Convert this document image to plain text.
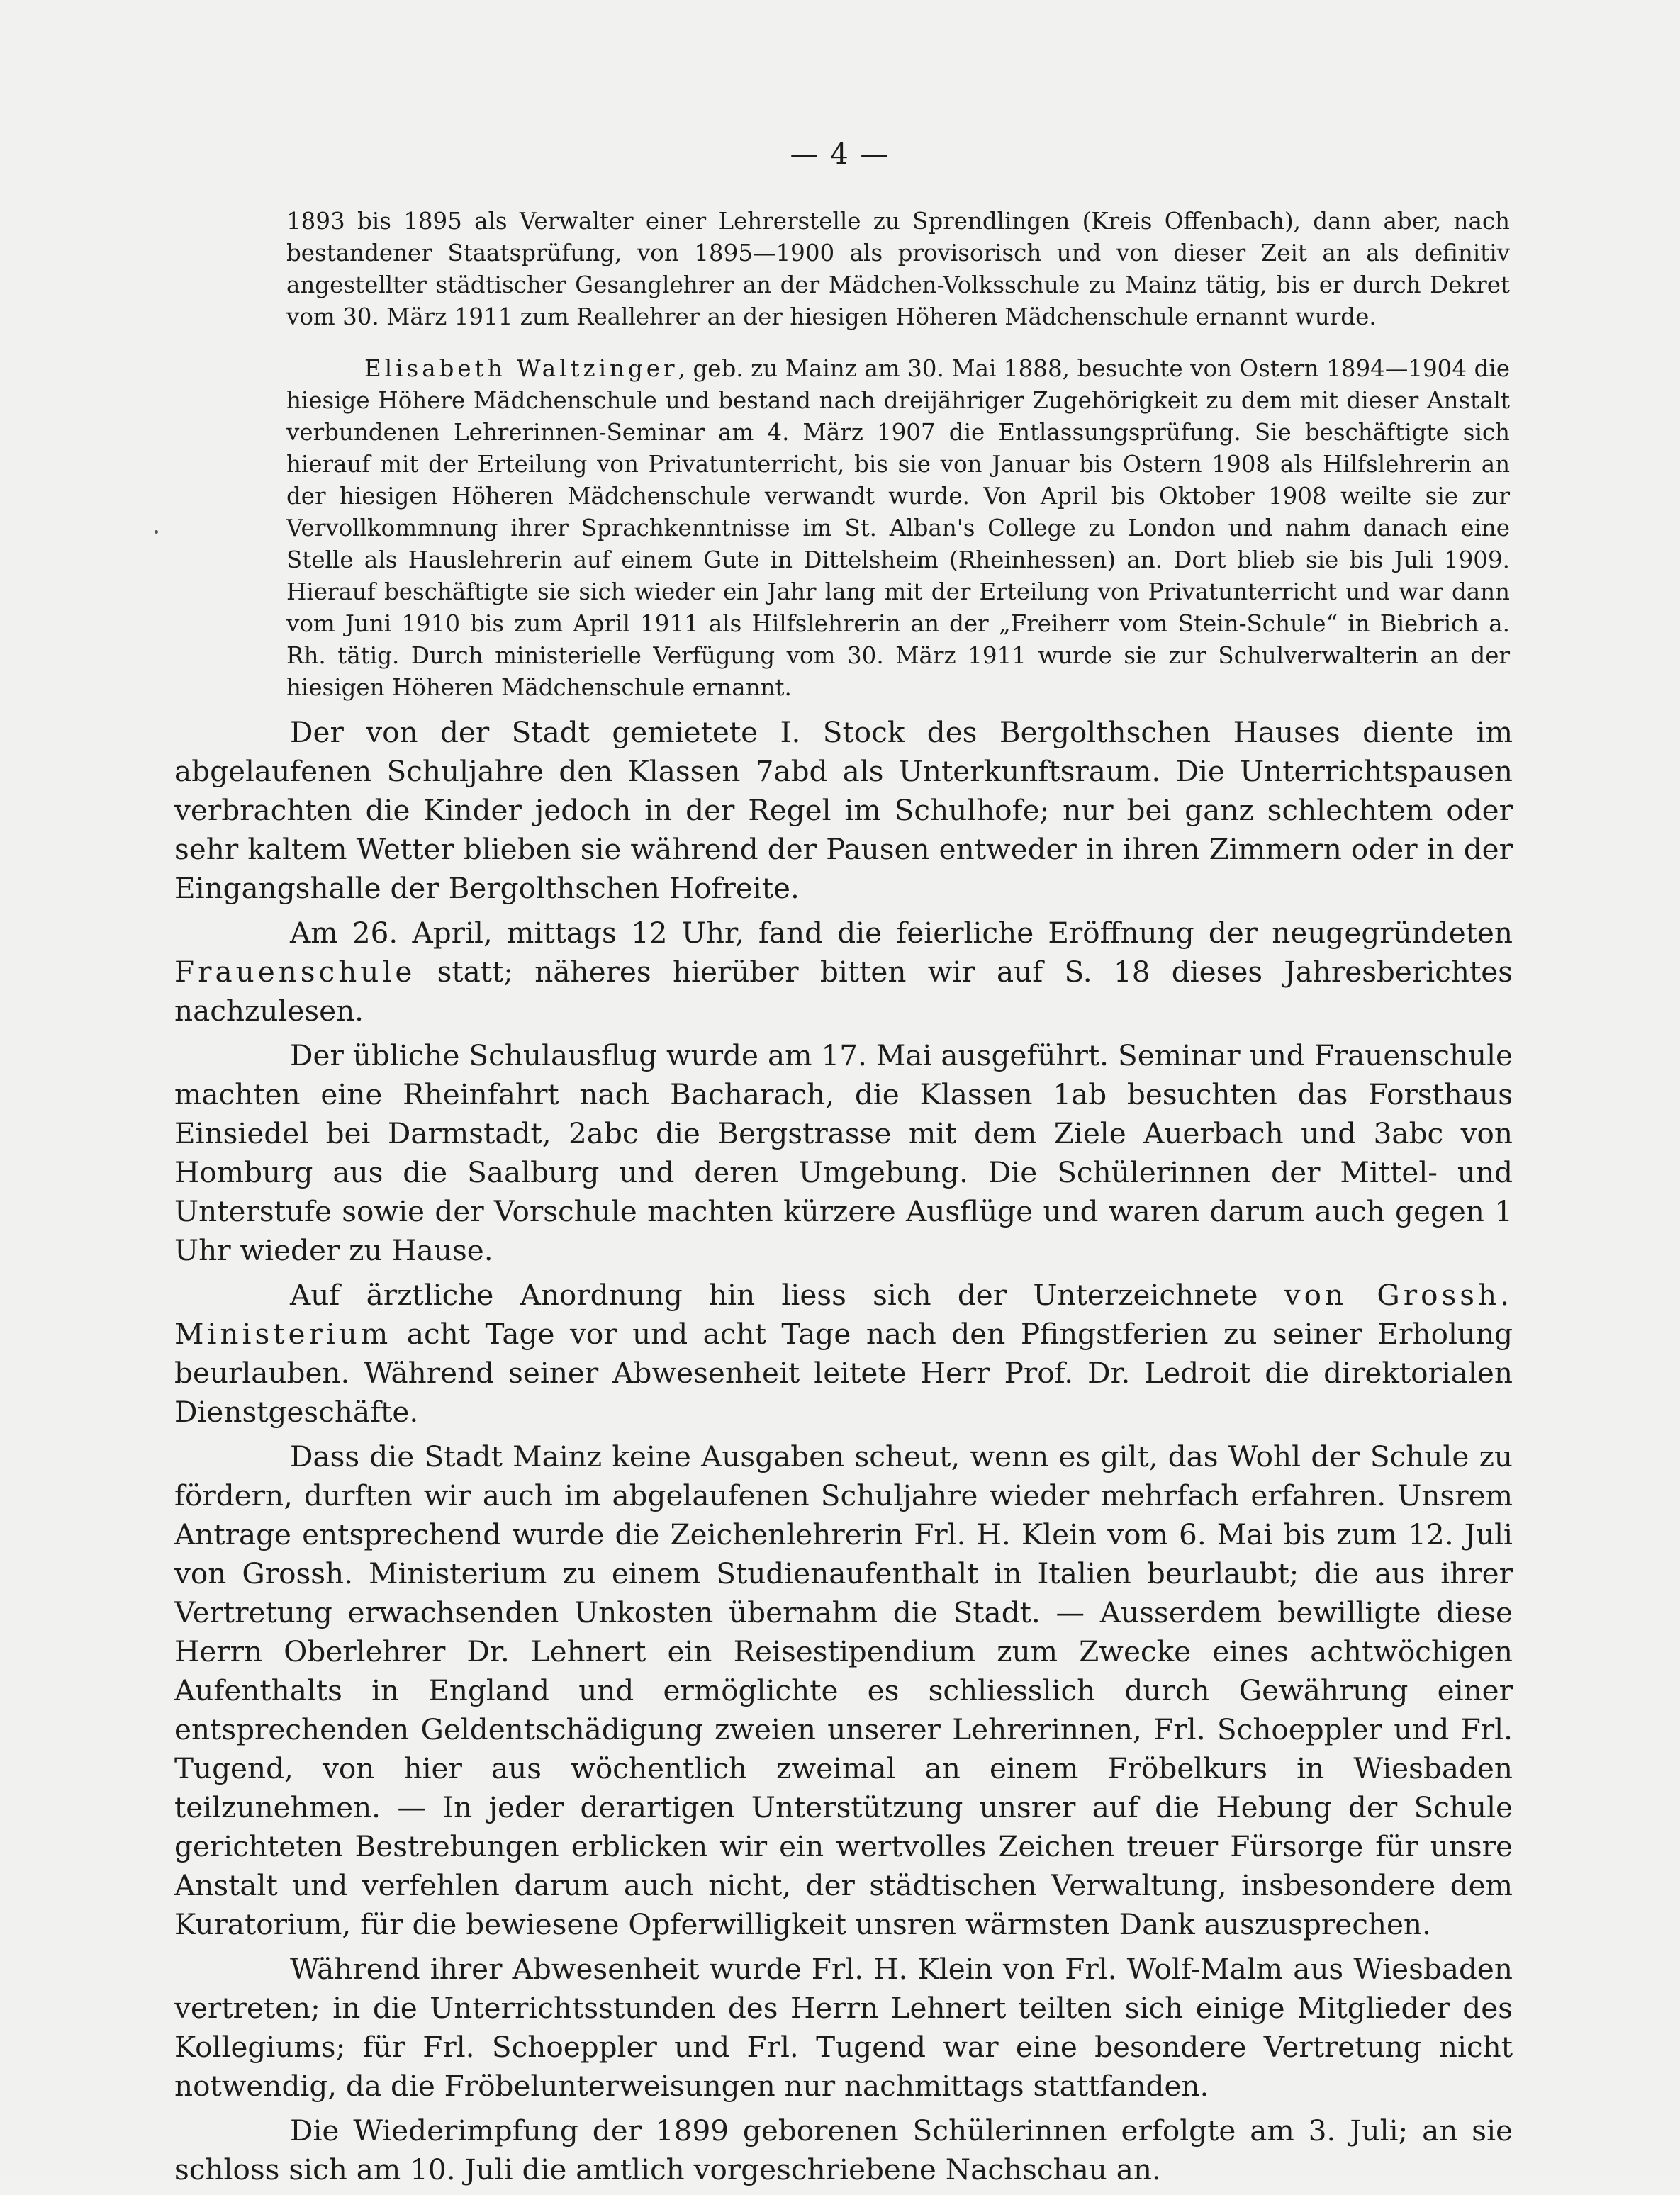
— 4 —

1893 bis 1895 als Verwalter einer Lehrerstelle zu Sprendlingen (Kreis Offenbach), dann aber, nach bestandener Staatsprüfung, von 1895—1900 als provisorisch und von dieser Zeit an als definitiv angestellter städtischer Gesanglehrer an der Mädchen-Volksschule zu Mainz tätig, bis er durch Dekret vom 30. März 1911 zum Reallehrer an der hiesigen Höheren Mädchenschule ernannt wurde.

Elisabeth Waltzinger, geb. zu Mainz am 30. Mai 1888, besuchte von Ostern 1894—1904 die hiesige Höhere Mädchenschule und bestand nach dreijähriger Zugehörigkeit zu dem mit dieser Anstalt verbundenen Lehrerinnen-Seminar am 4. März 1907 die Entlassungsprüfung. Sie beschäftigte sich hierauf mit der Erteilung von Privatunterricht, bis sie von Januar bis Ostern 1908 als Hilfslehrerin an der hiesigen Höheren Mädchenschule verwandt wurde. Von April bis Oktober 1908 weilte sie zur Vervollkommnung ihrer Sprachkenntnisse im St. Alban's College zu London und nahm danach eine Stelle als Hauslehrerin auf einem Gute in Dittelsheim (Rheinhessen) an. Dort blieb sie bis Juli 1909. Hierauf beschäftigte sie sich wieder ein Jahr lang mit der Erteilung von Privatunterricht und war dann vom Juni 1910 bis zum April 1911 als Hilfslehrerin an der „Freiherr vom Stein-Schule“ in Biebrich a. Rh. tätig. Durch ministerielle Verfügung vom 30. März 1911 wurde sie zur Schulverwalterin an der hiesigen Höheren Mädchenschule ernannt.

Der von der Stadt gemietete I. Stock des Bergolthschen Hauses diente im abgelaufenen Schuljahre den Klassen 7abd als Unterkunftsraum. Die Unterrichtspausen verbrachten die Kinder jedoch in der Regel im Schulhofe; nur bei ganz schlechtem oder sehr kaltem Wetter blieben sie während der Pausen entweder in ihren Zimmern oder in der Eingangshalle der Bergolthschen Hofreite.

Am 26. April, mittags 12 Uhr, fand die feierliche Eröffnung der neugegründeten Frauenschule statt; näheres hierüber bitten wir auf S. 18 dieses Jahresberichtes nachzulesen.

Der übliche Schulausflug wurde am 17. Mai ausgeführt. Seminar und Frauenschule machten eine Rheinfahrt nach Bacharach, die Klassen 1ab besuchten das Forsthaus Einsiedel bei Darmstadt, 2abc die Bergstrasse mit dem Ziele Auerbach und 3abc von Homburg aus die Saalburg und deren Umgebung. Die Schülerinnen der Mittel- und Unterstufe sowie der Vorschule machten kürzere Ausflüge und waren darum auch gegen 1 Uhr wieder zu Hause.

Auf ärztliche Anordnung hin liess sich der Unterzeichnete von Grossh. Ministerium acht Tage vor und acht Tage nach den Pfingstferien zu seiner Erholung beurlauben. Während seiner Abwesenheit leitete Herr Prof. Dr. Ledroit die direktorialen Dienstgeschäfte.

Dass die Stadt Mainz keine Ausgaben scheut, wenn es gilt, das Wohl der Schule zu fördern, durften wir auch im abgelaufenen Schuljahre wieder mehrfach erfahren. Unsrem Antrage entsprechend wurde die Zeichenlehrerin Frl. H. Klein vom 6. Mai bis zum 12. Juli von Grossh. Ministerium zu einem Studienaufenthalt in Italien beurlaubt; die aus ihrer Vertretung erwachsenden Unkosten übernahm die Stadt. — Ausserdem bewilligte diese Herrn Oberlehrer Dr. Lehnert ein Reisestipendium zum Zwecke eines achtwöchigen Aufenthalts in England und ermöglichte es schliesslich durch Gewährung einer entsprechenden Geldentschädigung zweien unserer Lehrerinnen, Frl. Schoeppler und Frl. Tugend, von hier aus wöchentlich zweimal an einem Fröbelkurs in Wiesbaden teilzunehmen. — In jeder derartigen Unterstützung unsrer auf die Hebung der Schule gerichteten Bestrebungen erblicken wir ein wertvolles Zeichen treuer Fürsorge für unsre Anstalt und verfehlen darum auch nicht, der städtischen Verwaltung, insbesondere dem Kuratorium, für die bewiesene Opferwilligkeit unsren wärmsten Dank auszusprechen.

Während ihrer Abwesenheit wurde Frl. H. Klein von Frl. Wolf-Malm aus Wiesbaden vertreten; in die Unterrichtsstunden des Herrn Lehnert teilten sich einige Mitglieder des Kollegiums; für Frl. Schoeppler und Frl. Tugend war eine besondere Vertretung nicht notwendig, da die Fröbelunterweisungen nur nachmittags stattfanden.

Die Wiederimpfung der 1899 geborenen Schülerinnen erfolgte am 3. Juli; an sie schloss sich am 10. Juli die amtlich vorgeschriebene Nachschau an.
